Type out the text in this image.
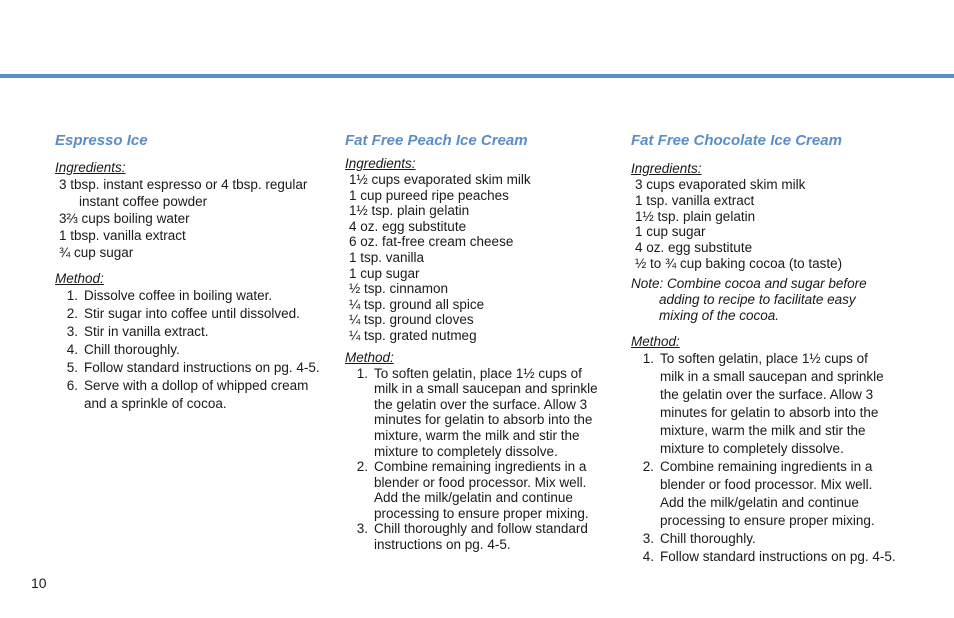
Espresso Ice
Ingredients:
3 tbsp. instant espresso or 4 tbsp. regular
instant coffee powder
3⅔ cups boiling water
1 tbsp. vanilla extract
¾ cup sugar
Method:
1. Dissolve coffee in boiling water.
2. Stir sugar into coffee until dissolved.
3. Stir in vanilla extract.
4. Chill thoroughly.
5. Follow standard instructions on pg. 4-5.
6. Serve with a dollop of whipped cream
and a sprinkle of cocoa.
Fat Free Peach Ice Cream
Ingredients:
1½ cups evaporated skim milk
1 cup pureed ripe peaches
1½ tsp. plain gelatin
4 oz. egg substitute
6 oz. fat-free cream cheese
1 tsp. vanilla
1 cup sugar
½ tsp. cinnamon
¼ tsp. ground all spice
¼ tsp. ground cloves
¼ tsp. grated nutmeg
Method:
1. To soften gelatin, place 1½ cups of
milk in a small saucepan and sprinkle
the gelatin over the surface. Allow 3
minutes for gelatin to absorb into the
mixture, warm the milk and stir the
mixture to completely dissolve.
2. Combine remaining ingredients in a
blender or food processor. Mix well.
Add the milk/gelatin and continue
processing to ensure proper mixing.
3. Chill thoroughly and follow standard
instructions on pg. 4-5.
Fat Free Chocolate Ice Cream
Ingredients:
3 cups evaporated skim milk
1 tsp. vanilla extract
1½ tsp. plain gelatin
1 cup sugar
4 oz. egg substitute
½ to ¾ cup baking cocoa (to taste)
Note: Combine cocoa and sugar before
adding to recipe to facilitate easy
mixing of the cocoa.
Method:
1. To soften gelatin, place 1½ cups of
milk in a small saucepan and sprinkle
the gelatin over the surface. Allow 3
minutes for gelatin to absorb into the
mixture, warm the milk and stir the
mixture to completely dissolve.
2. Combine remaining ingredients in a
blender or food processor. Mix well.
Add the milk/gelatin and continue
processing to ensure proper mixing.
3. Chill thoroughly.
4. Follow standard instructions on pg. 4-5.
10
